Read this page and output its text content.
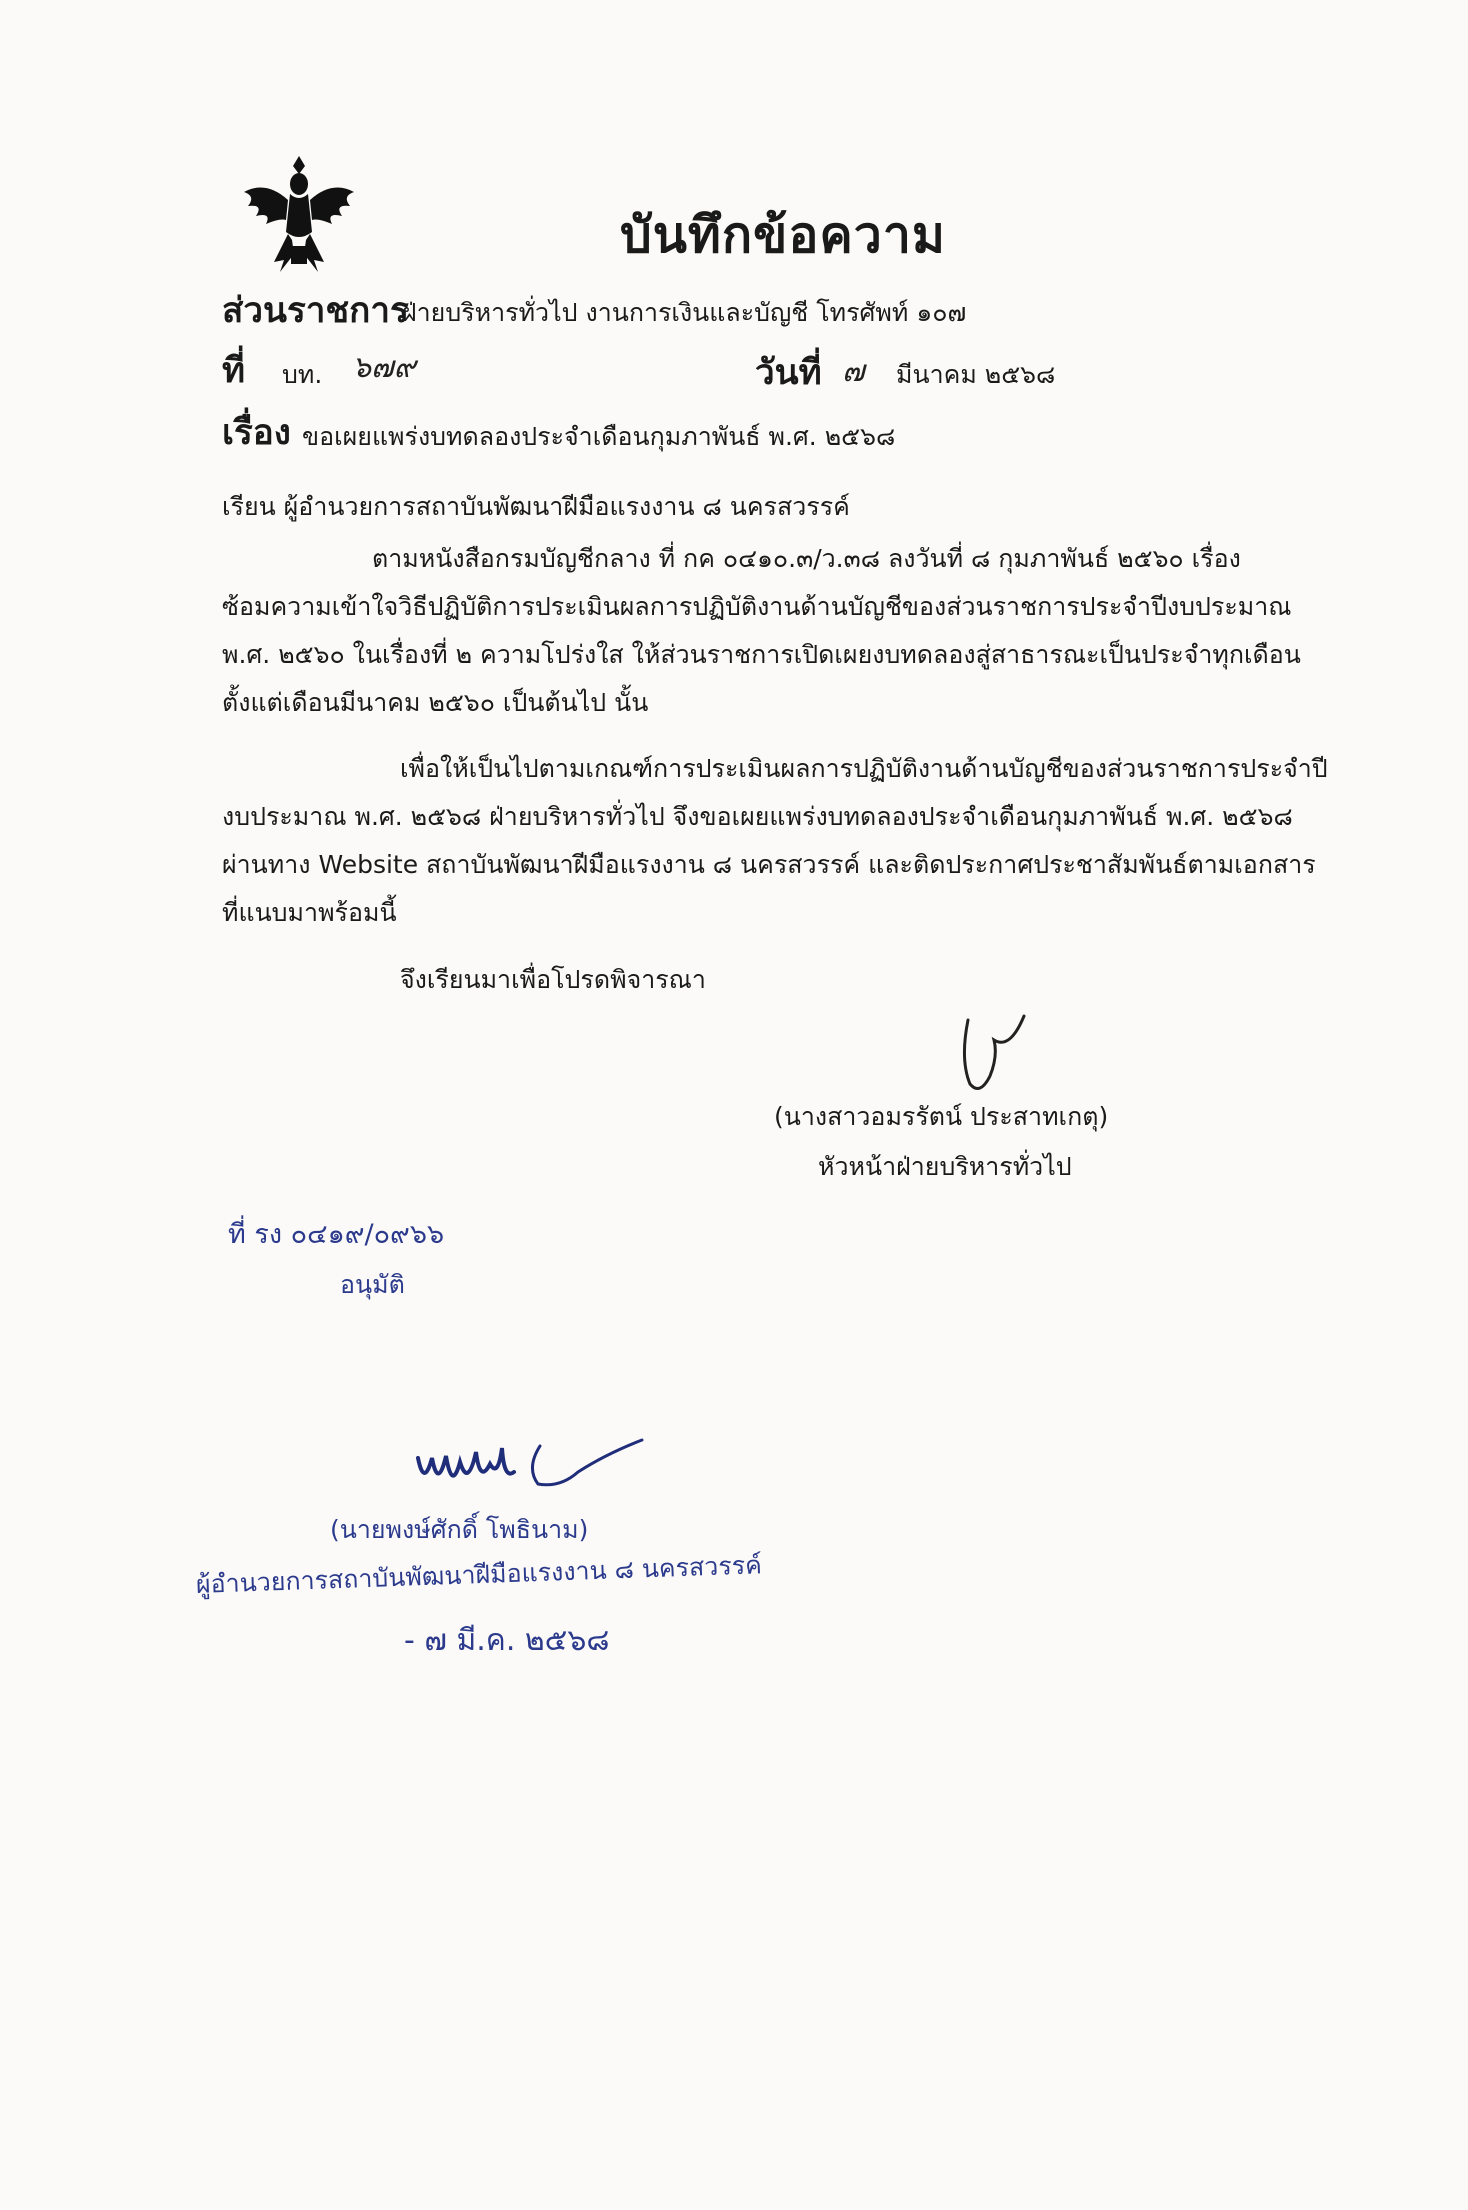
บันทึกข้อความ
ส่วนราชการ
ฝ่ายบริหารทั่วไป งานการเงินและบัญชี โทรศัพท์ ๑๐๗
ที่ บท. ๖๗๙	วันที่ ๗ มีนาคม ๒๕๖๘
เรื่อง ขอเผยแพร่งบทดลองประจำเดือนกุมภาพันธ์ พ.ศ. ๒๕๖๘
เรียน ผู้อำนวยการสถาบันพัฒนาฝีมือแรงงาน ๘ นครสวรรค์
ตามหนังสือกรมบัญชีกลาง ที่ กค ๐๔๑๐.๓/ว.๓๘ ลงวันที่ ๘ กุมภาพันธ์ ๒๕๖๐ เรื่อง
ซ้อมความเข้าใจวิธีปฏิบัติการประเมินผลการปฏิบัติงานด้านบัญชีของส่วนราชการประจำปีงบประมาณ
พ.ศ. ๒๕๖๐ ในเรื่องที่ ๒ ความโปร่งใส ให้ส่วนราชการเปิดเผยงบทดลองสู่สาธารณะเป็นประจำทุกเดือน
ตั้งแต่เดือนมีนาคม ๒๕๖๐ เป็นต้นไป นั้น
เพื่อให้เป็นไปตามเกณฑ์การประเมินผลการปฏิบัติงานด้านบัญชีของส่วนราชการประจำปี
งบประมาณ พ.ศ. ๒๕๖๘ ฝ่ายบริหารทั่วไป จึงขอเผยแพร่งบทดลองประจำเดือนกุมภาพันธ์ พ.ศ. ๒๕๖๘
ผ่านทาง Website สถาบันพัฒนาฝีมือแรงงาน ๘ นครสวรรค์ และติดประกาศประชาสัมพันธ์ตามเอกสาร
ที่แนบมาพร้อมนี้
จึงเรียนมาเพื่อโปรดพิจารณา
(นางสาวอมรรัตน์ ประสาทเกตุ)
หัวหน้าฝ่ายบริหารทั่วไป
ที่ รง ๐๔๑๙/๐๙๖๖
อนุมัติ
(นายพงษ์ศักดิ์ โพธินาม)
ผู้อำนวยการสถาบันพัฒนาฝีมือแรงงาน ๘ นครสวรรค์
- ๗ มี.ค. ๒๕๖๘
